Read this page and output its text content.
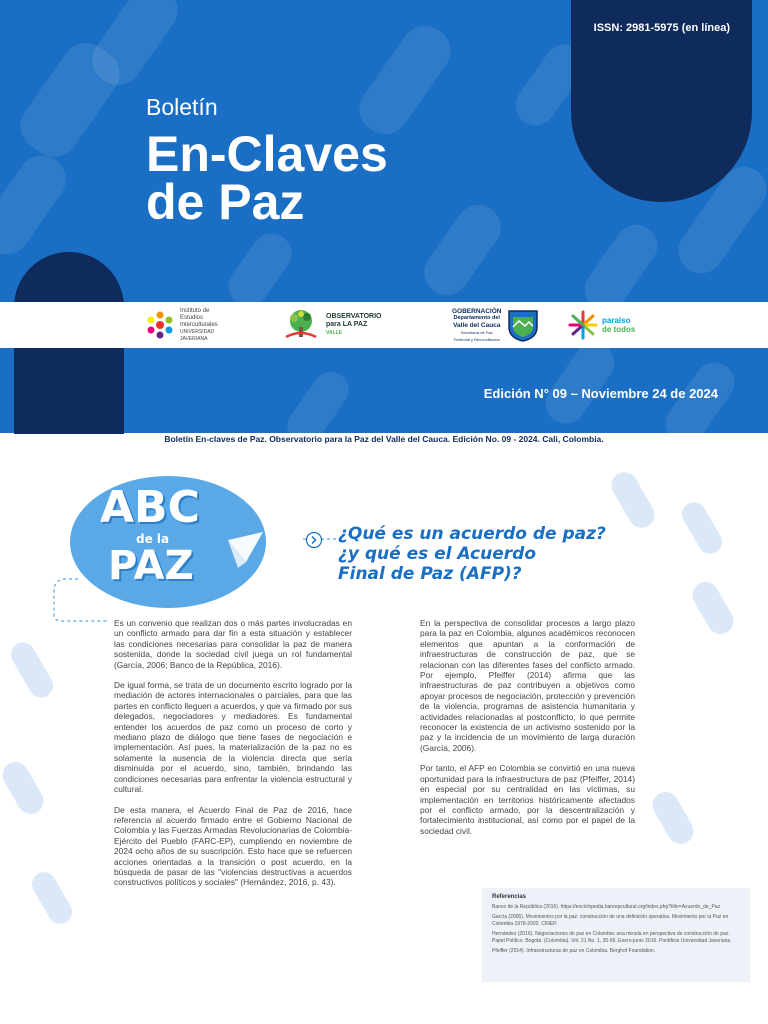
ISSN: 2981-5975 (en línea)
Boletín
En-Claves
de Paz
Instituto de
Estudios
Interculturales
UNIVERSIDAD
JAVERIANA
OBSERVATORIO
para LA PAZ
VALLE
GOBERNACIÓN
Departamento del
Valle del Cauca
Secretaría de Paz
Territorial y Reconciliación
paraíso
de todos
Edición N° 09 – Noviembre 24 de 2024
Boletín En-claves de Paz. Observatorio para la Paz del Valle del Cauca. Edición No. 09 - 2024. Cali, Colombia.
ABC
de la
PAZ
¿Qué es un acuerdo de paz?
¿y qué es el Acuerdo
Final de Paz (AFP)?

Es un convenio que realizan dos o más partes involucradas en un conflicto armado para dar fin a esta situación y establecer las condiciones necesarias para consolidar la paz de manera sostenida, donde la sociedad civil juega un rol fundamental (García, 2006; Banco de la República, 2016).

De igual forma, se trata de un documento escrito logrado por la mediación de actores internacionales o parciales, para que las partes en conflicto lleguen a acuerdos, y que va firmado por sus delegados, negociadores y mediadores. Es fundamental entender los acuerdos de paz como un proceso de corto y mediano plazo de diálogo que tiene fases de negociación e implementación. Así pues, la materialización de la paz no es solamente la ausencia de la violencia directa que sería disminuida por el acuerdo, sino, también, brindando las condiciones necesarias para enfrentar la violencia estructural y cultural.

De esta manera, el Acuerdo Final de Paz de 2016, hace referencia al acuerdo firmado entre el Gobierno Nacional de Colombia y las Fuerzas Armadas Revolucionarias de Colombia-Ejército del Pueblo (FARC-EP), cumpliendo en noviembre de 2024 ocho años de su suscripción. Esto hace que se refuercen acciones orientadas a la transición o post acuerdo, en la búsqueda de pasar de las "violencias destructivas a acuerdos constructivos políticos y sociales" (Hernández, 2016, p. 43).

En la perspectiva de consolidar procesos a largo plazo para la paz en Colombia, algunos académicos reconocen elementos que apuntan a la conformación de infraestructuras de construcción de paz, que se relacionan con las diferentes fases del conflicto armado. Por ejemplo, Pfeiffer (2014) afirma que las infraestructuras de paz contribuyen a objetivos como apoyar procesos de negociación, protección y prevención de la violencia, programas de asistencia humanitaria y actividades relacionadas al postconflicto, lo que permite reconocer la existencia de un activismo sostenido por la paz y la incidencia de un movimiento de larga duración (García, 2006).

Por tanto, el AFP en Colombia se convirtió en una nueva oportunidad para la infraestructura de paz (Pfeiffer, 2014) en especial por su centralidad en las víctimas, su implementación en territorios históricamente afectados por el conflicto armado, por la descentralización y fortalecimiento institucional, así como por el papel de la sociedad civil.

Referencias
Banco de la República (2016). https://enciclopedia.banrepcultural.org/index.php?title=Acuerdo_de_Paz
García (2006). Movimientos por la paz: construcción de una definición operativa. Movimiento por la Paz en Colombia 1978-2003. CINEP.
Hernández (2016). Negociaciones de paz en Colombia: una mirada en perspectiva de construcción de paz. Papel Político. Bogotá. (Colombia). Vol. 21 No. 1, 35-56. Enero-junio 2016. Pontificia Universidad Javeriana.
Pfeiffer (2014). Infraestructuras de paz en Colombia. Berghof Foundation.
